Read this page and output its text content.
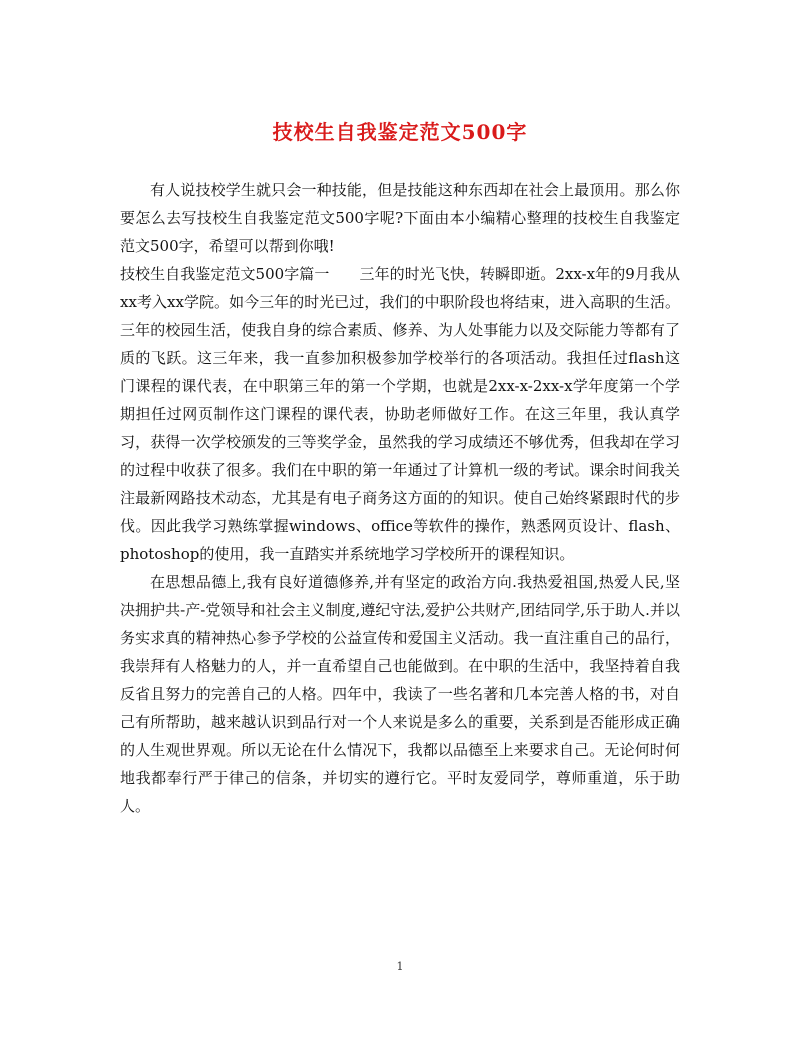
技校生自我鉴定范文500字

有人说技校学生就只会一种技能，但是技能这种东西却在社会上最顶用。那么你要怎么去写技校生自我鉴定范文500字呢?下面由本小编精心整理的技校生自我鉴定范文500字，希望可以帮到你哦!

技校生自我鉴定范文500字篇一　　三年的时光飞快，转瞬即逝。2xx-x年的9月我从xx考入xx学院。如今三年的时光已过，我们的中职阶段也将结束，进入高职的生活。三年的校园生活，使我自身的综合素质、修养、为人处事能力以及交际能力等都有了质的飞跃。这三年来，我一直参加积极参加学校举行的各项活动。我担任过flash这门课程的课代表，在中职第三年的第一个学期，也就是2xx-x-2xx-x学年度第一个学期担任过网页制作这门课程的课代表，协助老师做好工作。在这三年里，我认真学习，获得一次学校颁发的三等奖学金，虽然我的学习成绩还不够优秀，但我却在学习的过程中收获了很多。我们在中职的第一年通过了计算机一级的考试。课余时间我关注最新网路技术动态，尤其是有电子商务这方面的的知识。使自己始终紧跟时代的步伐。因此我学习熟练掌握windows、office等软件的操作，熟悉网页设计、flash、photoshop的使用，我一直踏实并系统地学习学校所开的课程知识。

在思想品德上,我有良好道德修养,并有坚定的政治方向.我热爱祖国,热爱人民,坚决拥护共-产-党领导和社会主义制度,遵纪守法,爱护公共财产,团结同学,乐于助人.并以务实求真的精神热心参予学校的公益宣传和爱国主义活动。我一直注重自己的品行，我崇拜有人格魅力的人，并一直希望自己也能做到。在中职的生活中，我坚持着自我反省且努力的完善自己的人格。四年中，我读了一些名著和几本完善人格的书，对自己有所帮助，越来越认识到品行对一个人来说是多么的重要，关系到是否能形成正确的人生观世界观。所以无论在什么情况下，我都以品德至上来要求自己。无论何时何地我都奉行严于律己的信条，并切实的遵行它。平时友爱同学，尊师重道，乐于助人。

1
